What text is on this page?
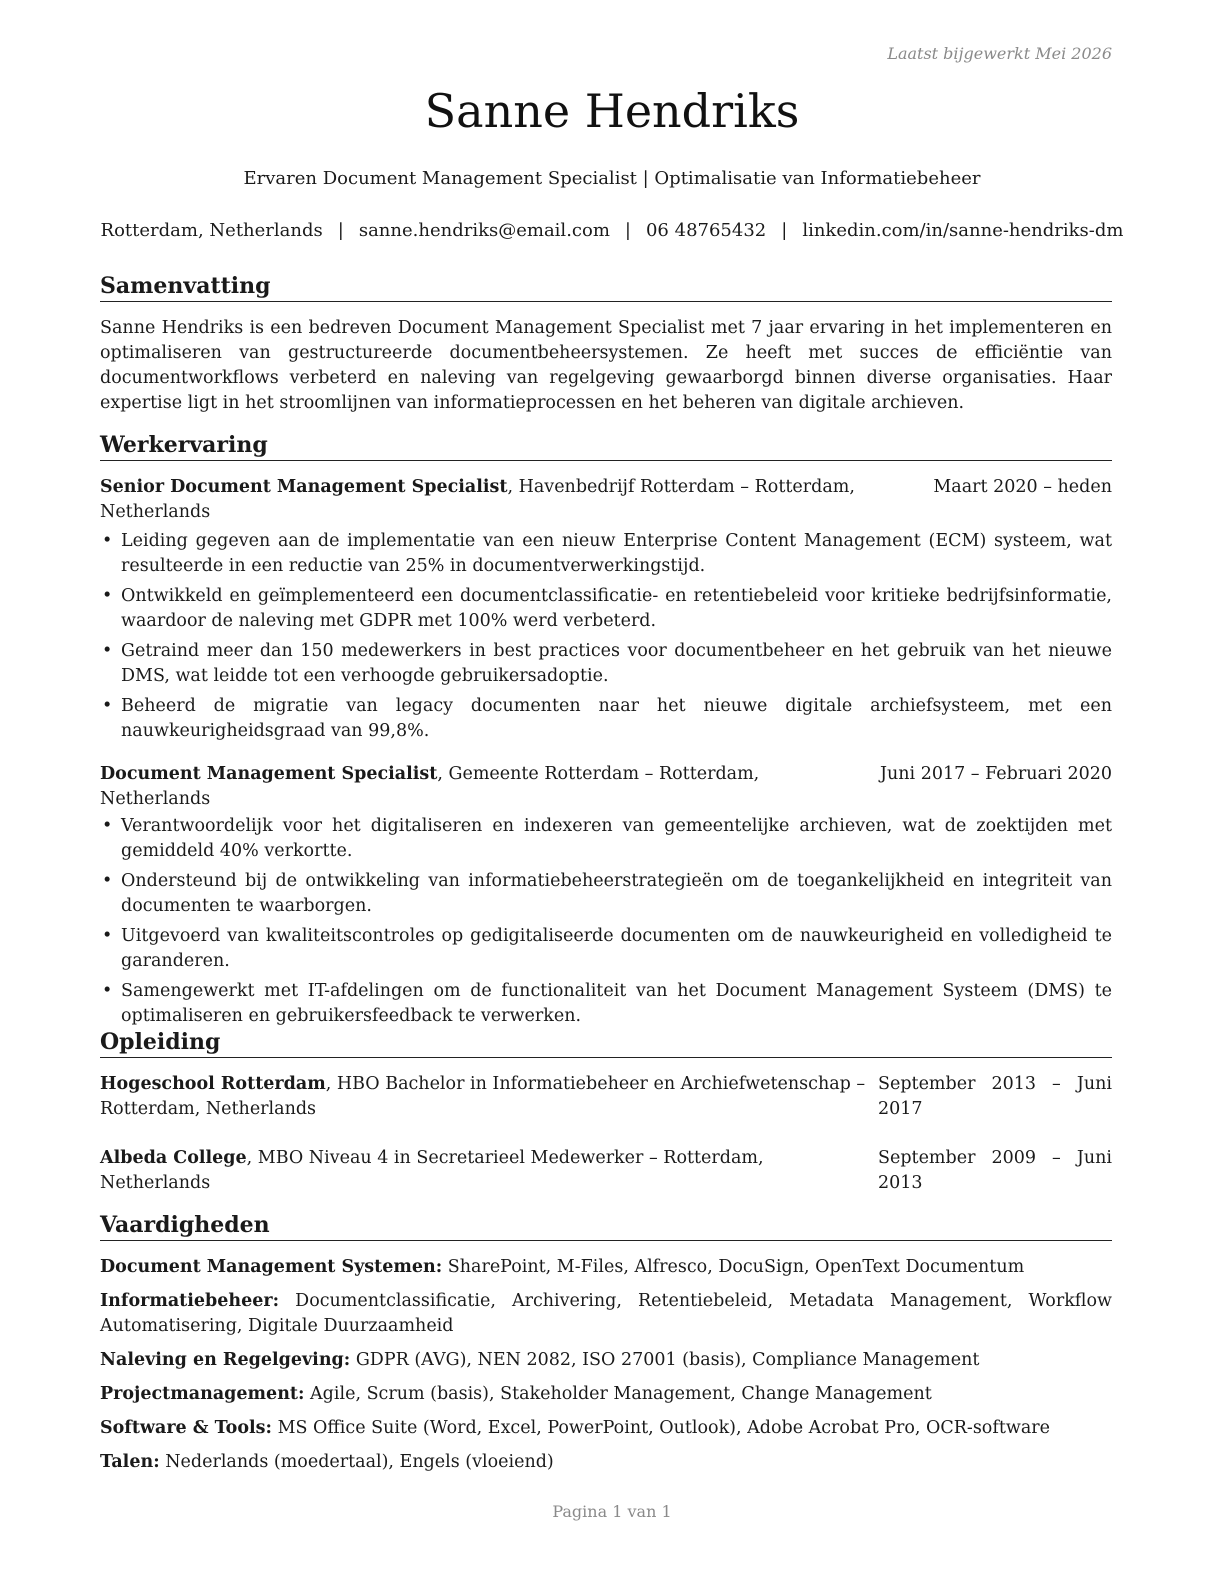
Laatst bijgewerkt Mei 2026
Sanne Hendriks
Ervaren Document Management Specialist | Optimalisatie van Informatiebeheer
Rotterdam, Netherlands | sanne.hendriks@email.com | 06 48765432 | linkedin.com/in/sanne-hendriks-dm
Samenvatting

Sanne Hendriks is een bedreven Document Management Specialist met 7 jaar ervaring in het implementeren en optimaliseren van gestructureerde documentbeheersystemen. Ze heeft met succes de efficiëntie van documentworkflows verbeterd en naleving van regelgeving gewaarborgd binnen diverse organisaties. Haar expertise ligt in het stroomlijnen van informatieprocessen en het beheren van digitale archieven.

Werkervaring
Senior Document Management Specialist, Havenbedrijf Rotterdam – Rotterdam, Netherlands
Maart 2020 – heden
• Leiding gegeven aan de implementatie van een nieuw Enterprise Content Management (ECM) systeem, wat resulteerde in een reductie van 25% in documentverwerkingstijd.
• Ontwikkeld en geïmplementeerd een documentclassificatie- en retentiebeleid voor kritieke bedrijfsinformatie, waardoor de naleving met GDPR met 100% werd verbeterd.
• Getraind meer dan 150 medewerkers in best practices voor documentbeheer en het gebruik van het nieuwe DMS, wat leidde tot een verhoogde gebruikersadoptie.
• Beheerd de migratie van legacy documenten naar het nieuwe digitale archiefsysteem, met een nauwkeurigheidsgraad van 99,8%.
Document Management Specialist, Gemeente Rotterdam – Rotterdam, Netherlands
Juni 2017 – Februari 2020
• Verantwoordelijk voor het digitaliseren en indexeren van gemeentelijke archieven, wat de zoektijden met gemiddeld 40% verkortte.
• Ondersteund bij de ontwikkeling van informatiebeheerstrategieën om de toegankelijkheid en integriteit van documenten te waarborgen.
• Uitgevoerd van kwaliteitscontroles op gedigitaliseerde documenten om de nauwkeurigheid en volledigheid te garanderen.
• Samengewerkt met IT-afdelingen om de functionaliteit van het Document Management Systeem (DMS) te optimaliseren en gebruikersfeedback te verwerken.
Opleiding
Hogeschool Rotterdam, HBO Bachelor in Informatiebeheer en Archiefwetenschap – Rotterdam, Netherlands
September 2013 – Juni 2017
Albeda College, MBO Niveau 4 in Secretarieel Medewerker – Rotterdam, Netherlands
September 2009 – Juni 2013
Vaardigheden

Document Management Systemen: SharePoint, M-Files, Alfresco, DocuSign, OpenText Documentum

Informatiebeheer: Documentclassificatie, Archivering, Retentiebeleid, Metadata Management, Workflow Automatisering, Digitale Duurzaamheid

Naleving en Regelgeving: GDPR (AVG), NEN 2082, ISO 27001 (basis), Compliance Management

Projectmanagement: Agile, Scrum (basis), Stakeholder Management, Change Management

Software & Tools: MS Office Suite (Word, Excel, PowerPoint, Outlook), Adobe Acrobat Pro, OCR-software

Talen: Nederlands (moedertaal), Engels (vloeiend)

Pagina 1 van 1
